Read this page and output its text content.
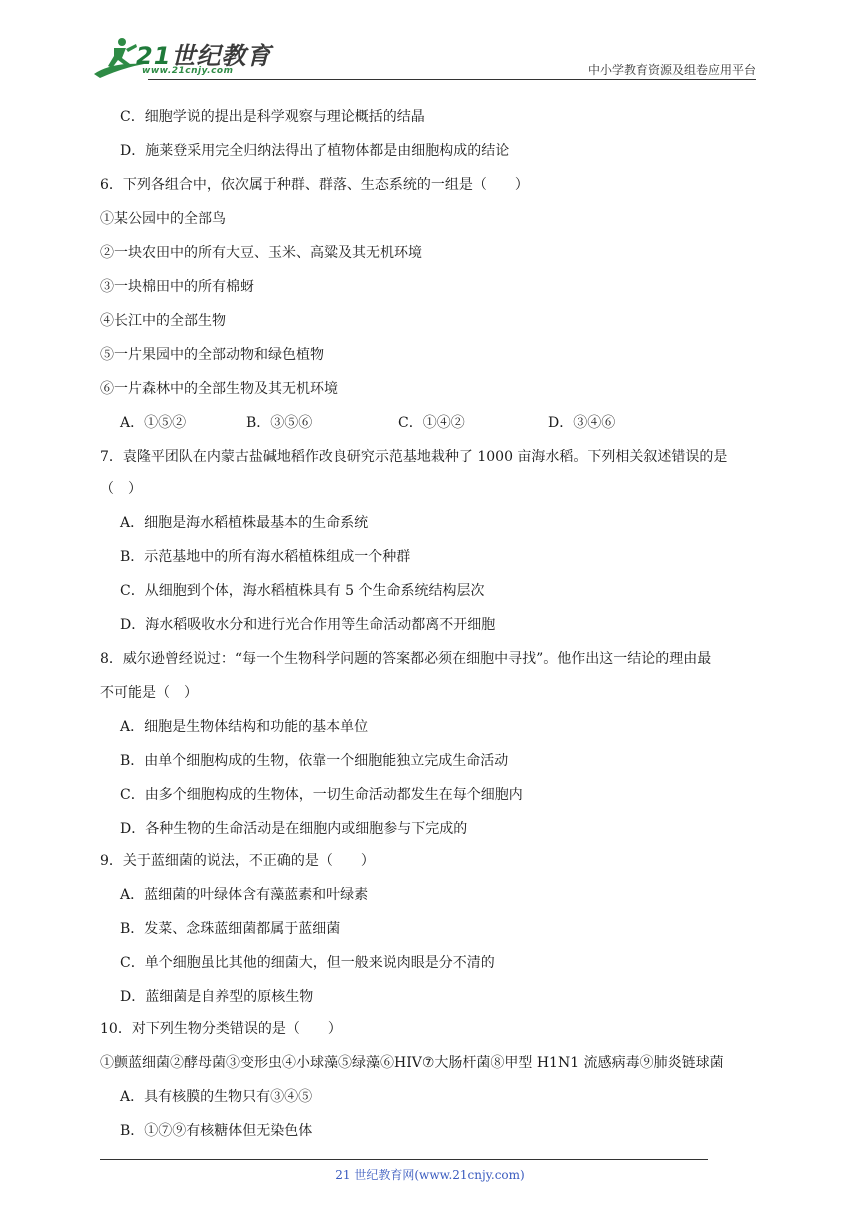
21世纪教育
www.21cnjy.com	中小学教育资源及组卷应用平台
C．细胞学说的提出是科学观察与理论概括的结晶
D．施莱登采用完全归纳法得出了植物体都是由细胞构成的结论
6．下列各组合中，依次属于种群、群落、生态系统的一组是（　　）
①某公园中的全部鸟
②一块农田中的所有大豆、玉米、高粱及其无机环境
③一块棉田中的所有棉蚜
④长江中的全部生物
⑤一片果园中的全部动物和绿色植物
⑥一片森林中的全部生物及其无机环境
7．袁隆平团队在内蒙古盐碱地稻作改良研究示范基地栽种了 1000 亩海水稻。下列相关叙述错误的是
（　）
A．细胞是海水稻植株最基本的生命系统
B．示范基地中的所有海水稻植株组成一个种群
C．从细胞到个体，海水稻植株具有 5 个生命系统结构层次
D．海水稻吸收水分和进行光合作用等生命活动都离不开细胞
8．威尔逊曾经说过：“每一个生物科学问题的答案都必须在细胞中寻找”。他作出这一结论的理由最
不可能是（　）
A．细胞是生物体结构和功能的基本单位
B．由单个细胞构成的生物，依靠一个细胞能独立完成生命活动
C．由多个细胞构成的生物体，一切生命活动都发生在每个细胞内
D．各种生物的生命活动是在细胞内或细胞参与下完成的
9．关于蓝细菌的说法，不正确的是（　　）
A．蓝细菌的叶绿体含有藻蓝素和叶绿素
B．发菜、念珠蓝细菌都属于蓝细菌
C．单个细胞虽比其他的细菌大，但一般来说肉眼是分不清的
D．蓝细菌是自养型的原核生物
10．对下列生物分类错误的是（　　）
①颤蓝细菌②酵母菌③变形虫④小球藻⑤绿藻⑥HIV⑦大肠杆菌⑧甲型 H1N1 流感病毒⑨肺炎链球菌
A．具有核膜的生物只有③④⑤
B．①⑦⑨有核糖体但无染色体
A．①⑤②	B．③⑤⑥	C．①④②	D．③④⑥
21 世纪教育网(www.21cnjy.com)
